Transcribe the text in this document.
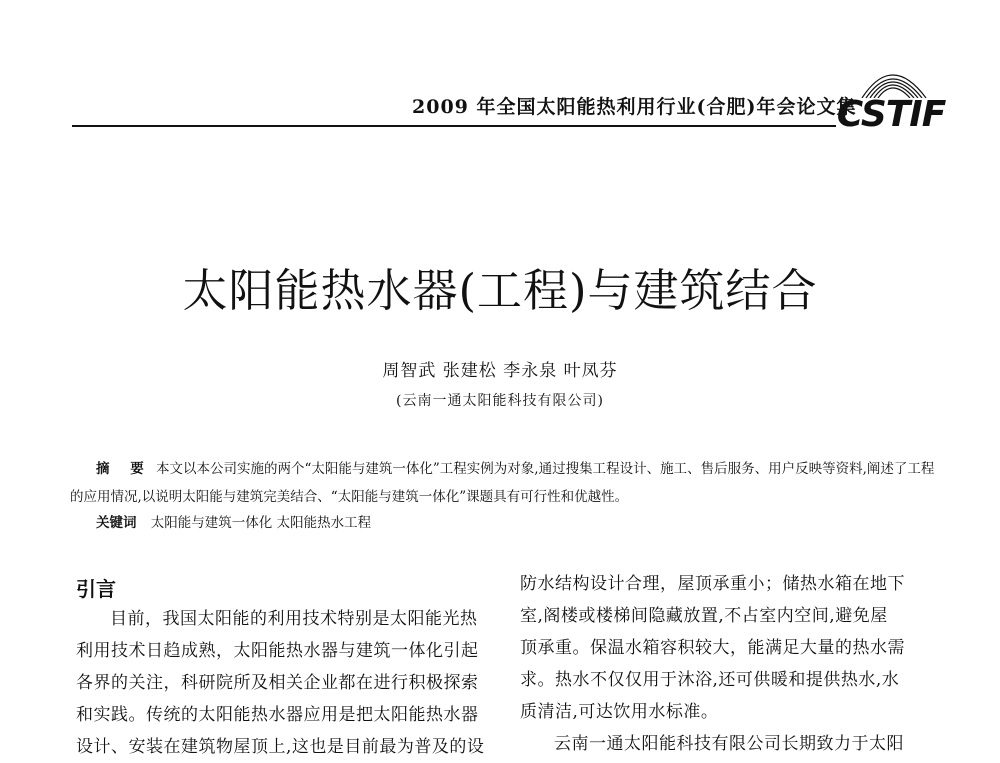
2009 年全国太阳能热利用行业(合肥)年会论文集
CSTIF
太阳能热水器(工程)与建筑结合
周智武 张建松 李永泉 叶凤芬
(云南一通太阳能科技有限公司)
摘 要 本文以本公司实施的两个“太阳能与建筑一体化”工程实例为对象,通过搜集工程设计、施工、售后服务、用户反映等资料,阐述了工程的应用情况,以说明太阳能与建筑完美结合、“太阳能与建筑一体化”课题具有可行性和优越性。
关键词 太阳能与建筑一体化 太阳能热水工程
引言
目前，我国太阳能的利用技术特别是太阳能光热
利用技术日趋成熟，太阳能热水器与建筑一体化引起
各界的关注，科研院所及相关企业都在进行积极探索
和实践。传统的太阳能热水器应用是把太阳能热水器
设计、安装在建筑物屋顶上,这也是目前最为普及的设
防水结构设计合理，屋顶承重小；储热水箱在地下
室,阁楼或楼梯间隐藏放置,不占室内空间,避免屋
顶承重。保温水箱容积较大，能满足大量的热水需
求。热水不仅仅用于沐浴,还可供暖和提供热水,水
质清洁,可达饮用水标准。
云南一通太阳能科技有限公司长期致力于太阳
